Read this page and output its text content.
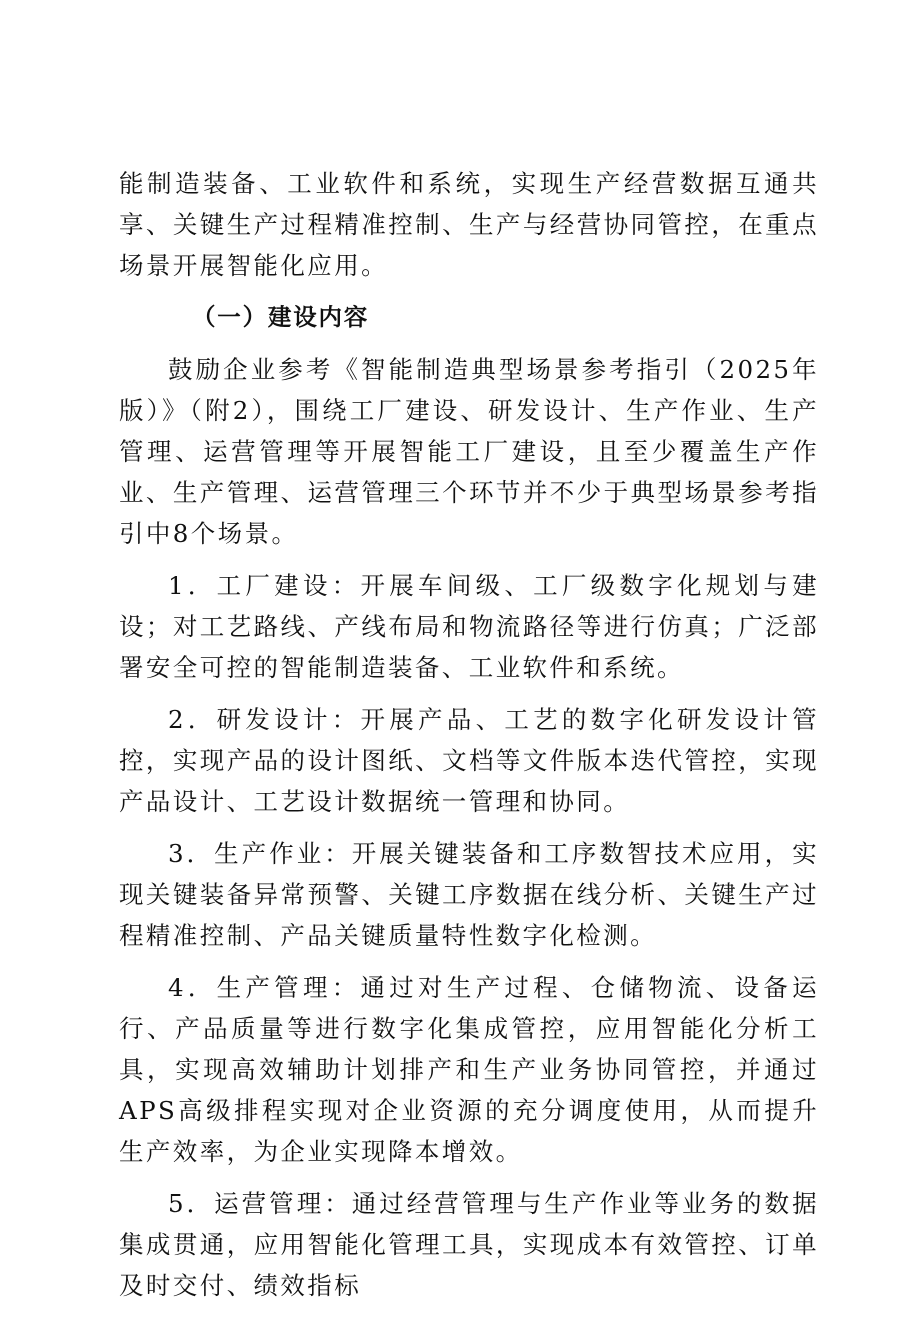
能制造装备、工业软件和系统，实现生产经营数据互通共享、关键生产过程精准控制、生产与经营协同管控，在重点场景开展智能化应用。

（一）建设内容

鼓励企业参考《智能制造典型场景参考指引（2025年版）》（附2），围绕工厂建设、研发设计、生产作业、生产管理、运营管理等开展智能工厂建设，且至少覆盖生产作业、生产管理、运营管理三个环节并不少于典型场景参考指引中8个场景。

1．工厂建设：开展车间级、工厂级数字化规划与建设；对工艺路线、产线布局和物流路径等进行仿真；广泛部署安全可控的智能制造装备、工业软件和系统。

2．研发设计：开展产品、工艺的数字化研发设计管控，实现产品的设计图纸、文档等文件版本迭代管控，实现产品设计、工艺设计数据统一管理和协同。

3．生产作业：开展关键装备和工序数智技术应用，实现关键装备异常预警、关键工序数据在线分析、关键生产过程精准控制、产品关键质量特性数字化检测。

4．生产管理：通过对生产过程、仓储物流、设备运行、产品质量等进行数字化集成管控，应用智能化分析工具，实现高效辅助计划排产和生产业务协同管控，并通过APS高级排程实现对企业资源的充分调度使用，从而提升生产效率，为企业实现降本增效。

5．运营管理：通过经营管理与生产作业等业务的数据集成贯通，应用智能化管理工具，实现成本有效管控、订单及时交付、绩效指标
